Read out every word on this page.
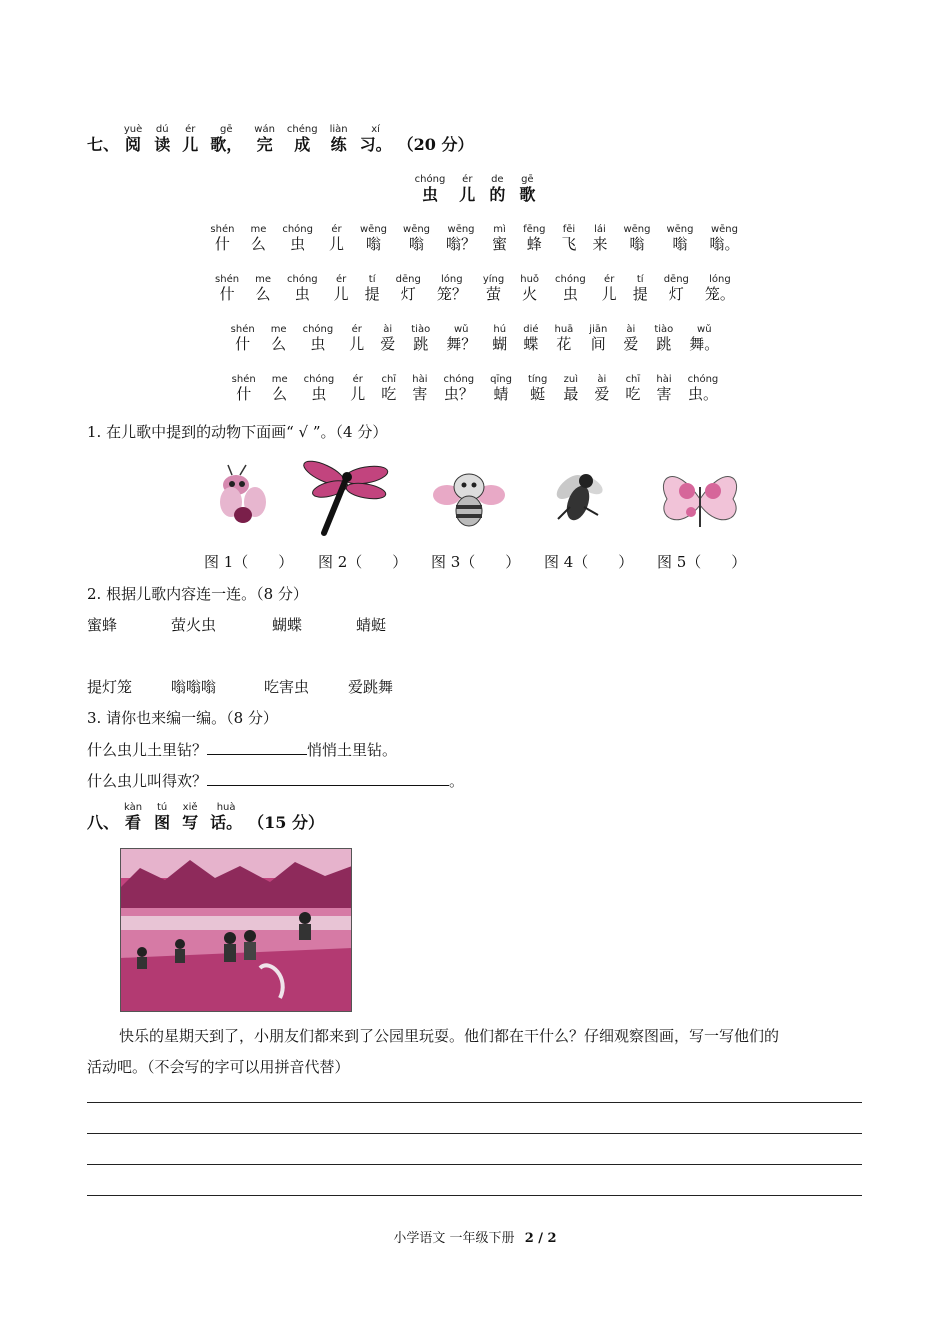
七、 阅yuè读dú儿ér歌，gē完wán成chéng练liàn习。xí（20 分）
虫chóng儿ér的de歌gē
什shén么me虫chóng儿ér嗡wēng嗡wēng嗡？wēng蜜mì蜂fēng飞fēi来lái嗡wēng嗡wēng嗡。wēng
什shén么me虫chóng儿ér提tí灯dēng笼？lóng萤yíng火huǒ虫chóng儿ér提tí灯dēng笼。lóng
什shén么me虫chóng儿ér爱ài跳tiào舞？wǔ蝴hú蝶dié花huā间jiān爱ài跳tiào舞。wǔ
什shén么me虫chóng儿ér吃chī害hài虫？chóng蜻qīng蜓tíng最zuì爱ài吃chī害hài虫。chóng
1. 在儿歌中提到的动物下面画“ √ ”。（4 分）
图 1（　　） 图 2（　　） 图 3（　　） 图 4（　　） 图 5（　　）
2. 根据儿歌内容连一连。（8 分）
蜜蜂	萤火虫	蝴蝶	蜻蜓
提灯笼	嗡嗡嗡	吃害虫	爱跳舞
3. 请你也来编一编。（8 分）
什么虫儿土里钻？	悄悄土里钻。
什么虫儿叫得欢？	。
八、 看kàn图tú写xiě话。huà（15 分）
快乐的星期天到了，小朋友们都来到了公园里玩耍。他们都在干什么？仔细观察图画，写一写他们的
活动吧。（不会写的字可以用拼音代替）
小学语文 一年级下册 2 / 2
